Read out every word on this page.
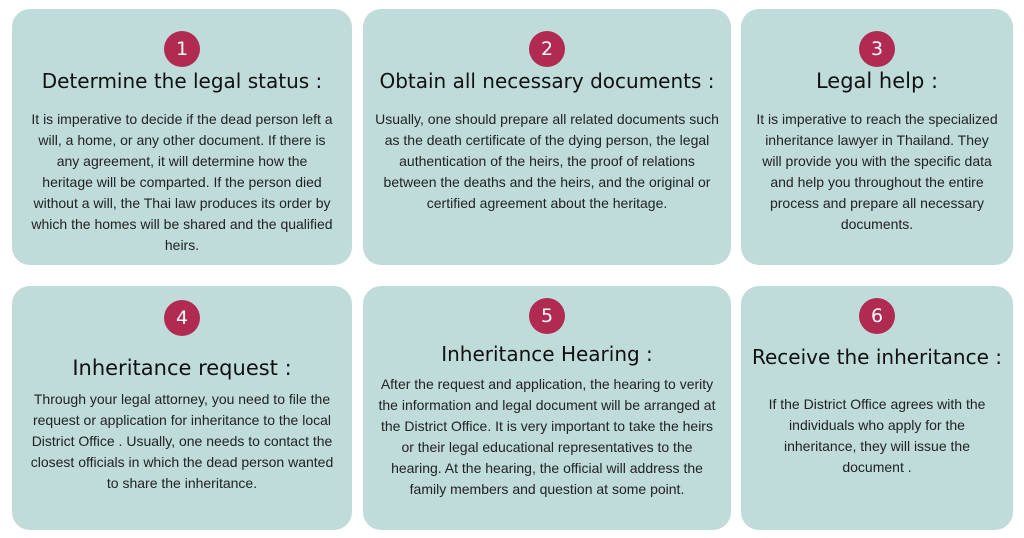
1
Determine the legal status :
It is imperative to decide if the dead person left a will, a home, or any other document. If there is any agreement, it will determine how the heritage will be comparted. If the person died without a will, the Thai law produces its order by which the homes will be shared and the qualified heirs.
2
Obtain all necessary documents :
Usually, one should prepare all related documents such as the death certificate of the dying person, the legal authentication of the heirs, the proof of relations between the deaths and the heirs, and the original or certified agreement about the heritage.
3
Legal help :
It is imperative to reach the specialized inheritance lawyer in Thailand. They will provide you with the specific data and help you throughout the entire process and prepare all necessary documents.
4
Inheritance request :
Through your legal attorney, you need to file the request or application for inheritance to the local District Office . Usually, one needs to contact the closest officials in which the dead person wanted to share the inheritance.
5
Inheritance Hearing :
After the request and application, the hearing to verity the information and legal document will be arranged at the District Office. It is very important to take the heirs or their legal educational representatives to the hearing. At the hearing, the official will address the family members and question at some point.
6
Receive the inheritance :
If the District Office agrees with the individuals who apply for the inheritance, they will issue the document .
